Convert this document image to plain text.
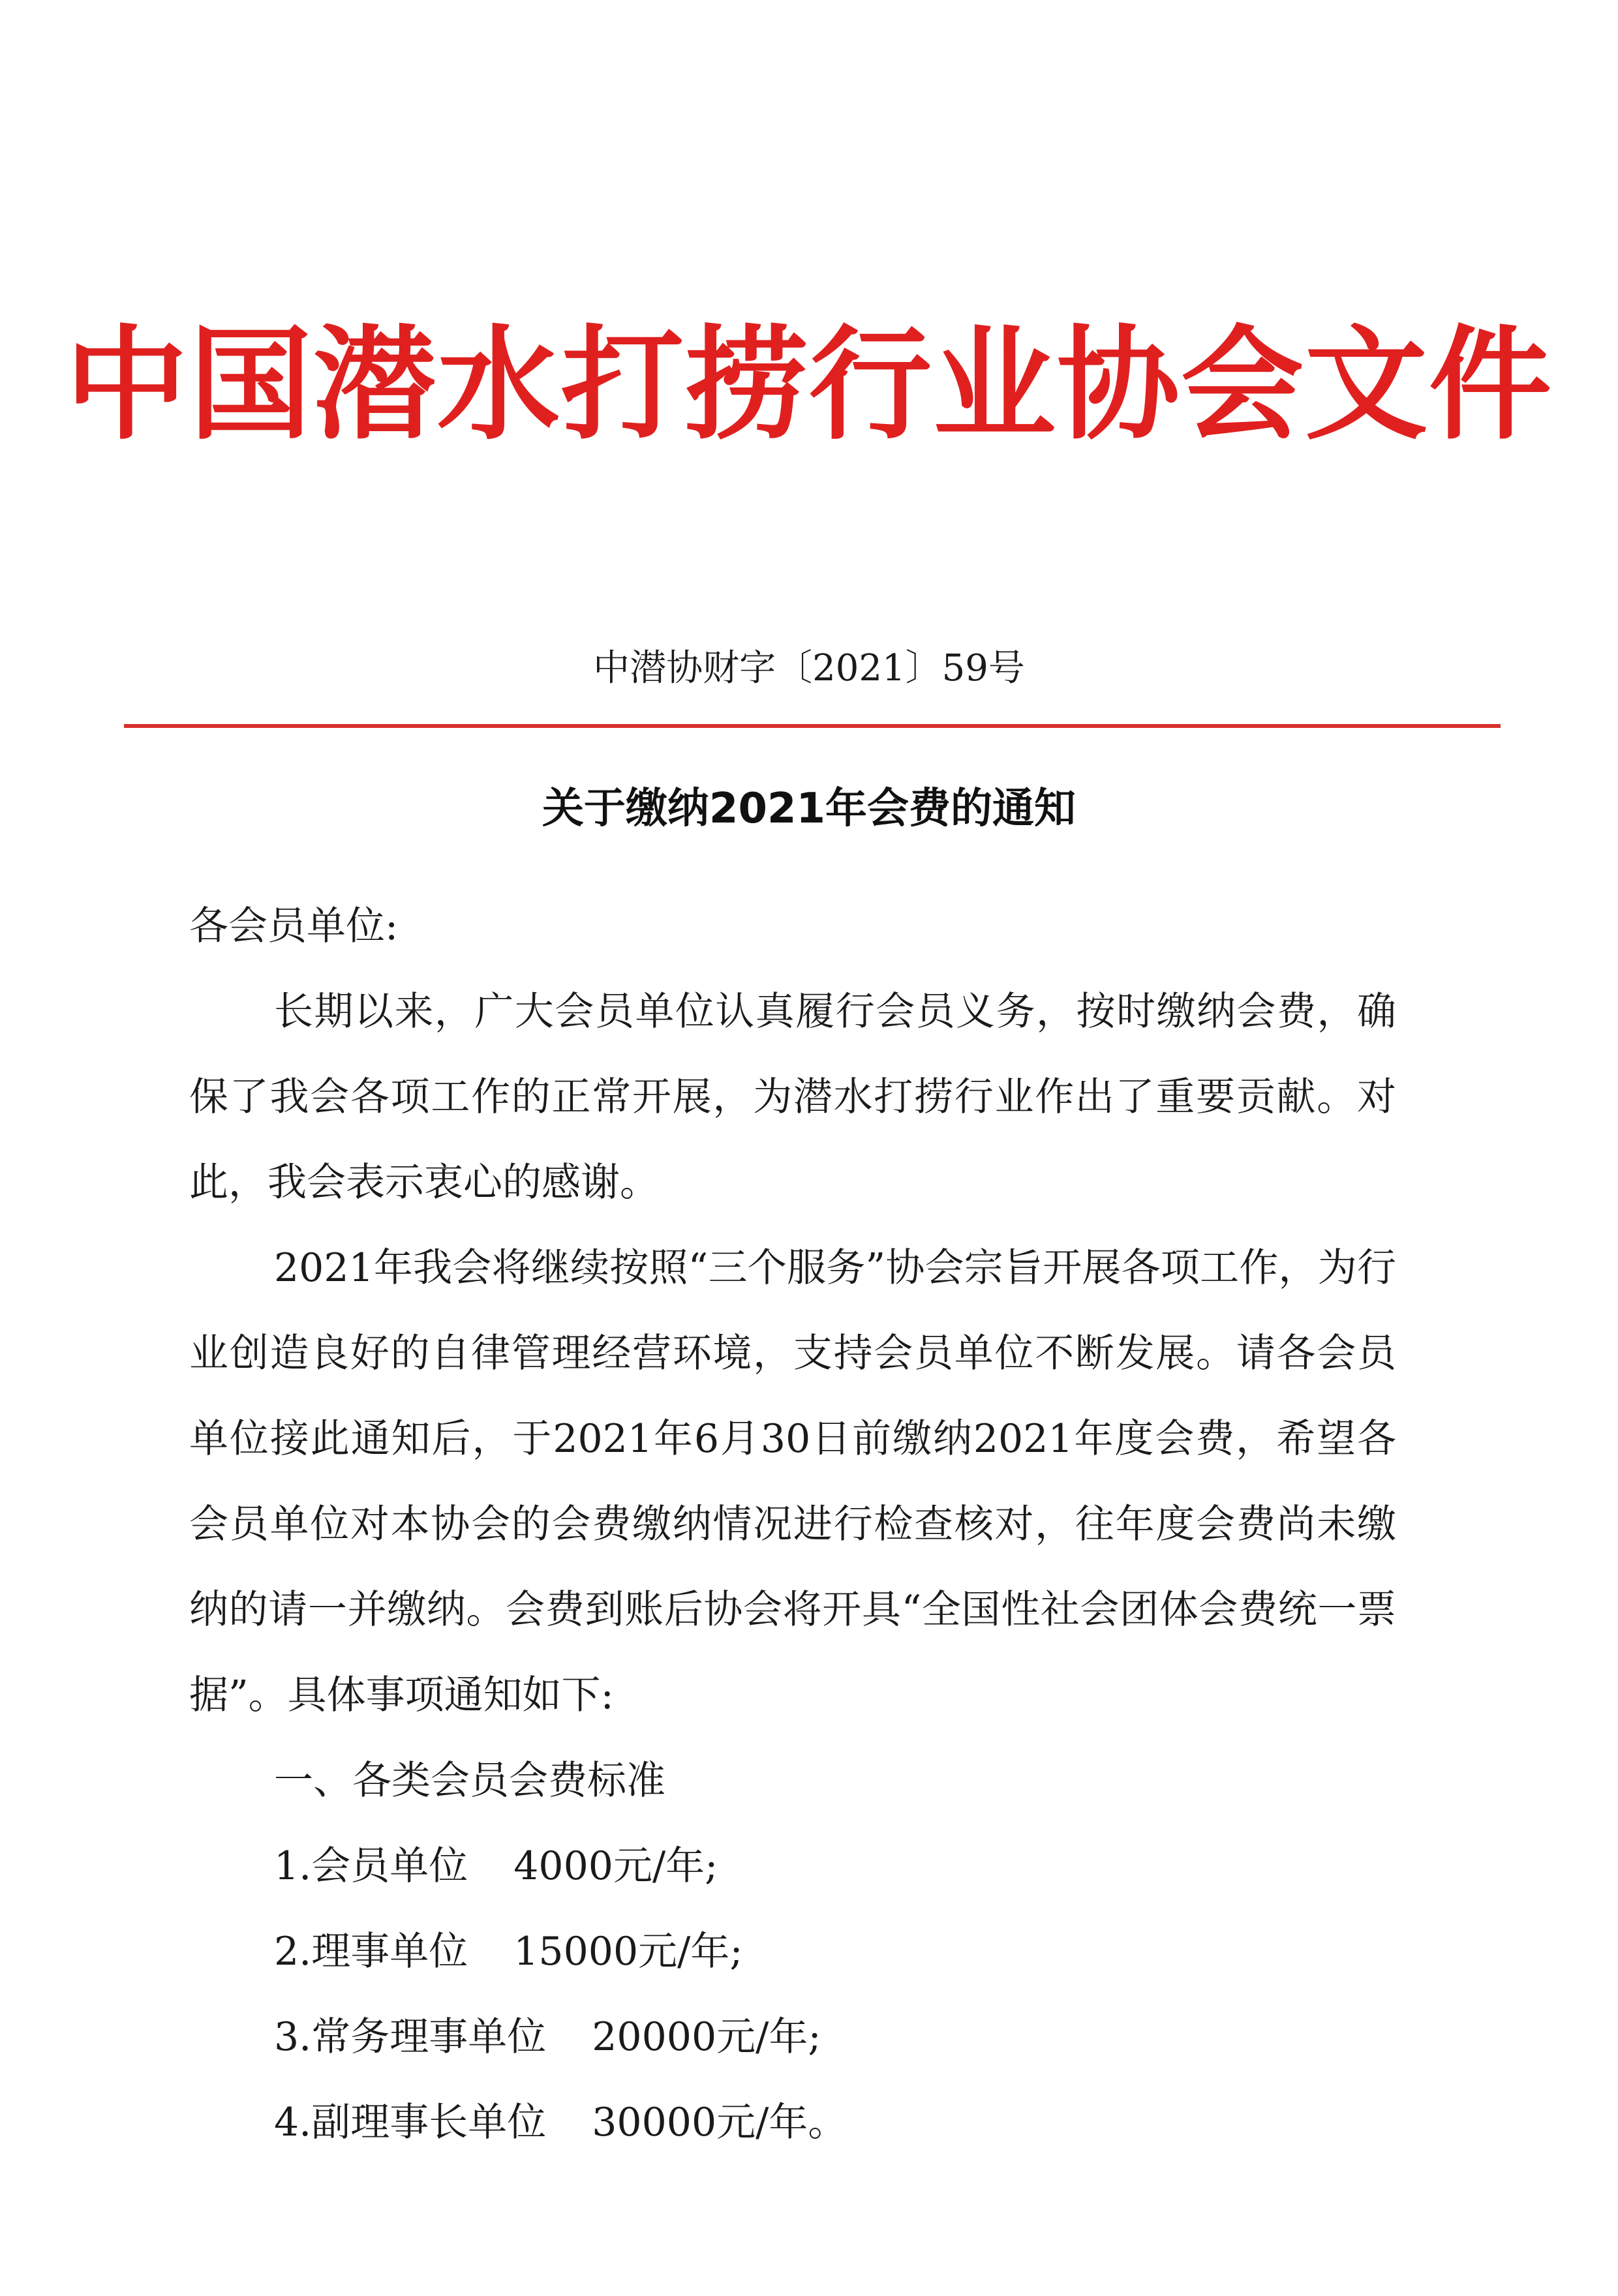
中国潜水打捞行业协会文件
中潜协财字〔2021〕59号
关于缴纳2021年会费的通知

各会员单位:

长期以来，广大会员单位认真履行会员义务，按时缴纳会费，确保了我会各项工作的正常开展，为潜水打捞行业作出了重要贡献。对此，我会表示衷心的感谢。

2021年我会将继续按照“三个服务”协会宗旨开展各项工作，为行业创造良好的自律管理经营环境，支持会员单位不断发展。请各会员单位接此通知后，于2021年6月30日前缴纳2021年度会费，希望各会员单位对本协会的会费缴纳情况进行检查核对，往年度会费尚未缴纳的请一并缴纳。会费到账后协会将开具“全国性社会团体会费统一票据”。具体事项通知如下:

一、各类会员会费标准

1.会员单位 4000元/年;

2.理事单位 15000元/年;

3.常务理事单位 20000元/年;

4.副理事长单位 30000元/年。
